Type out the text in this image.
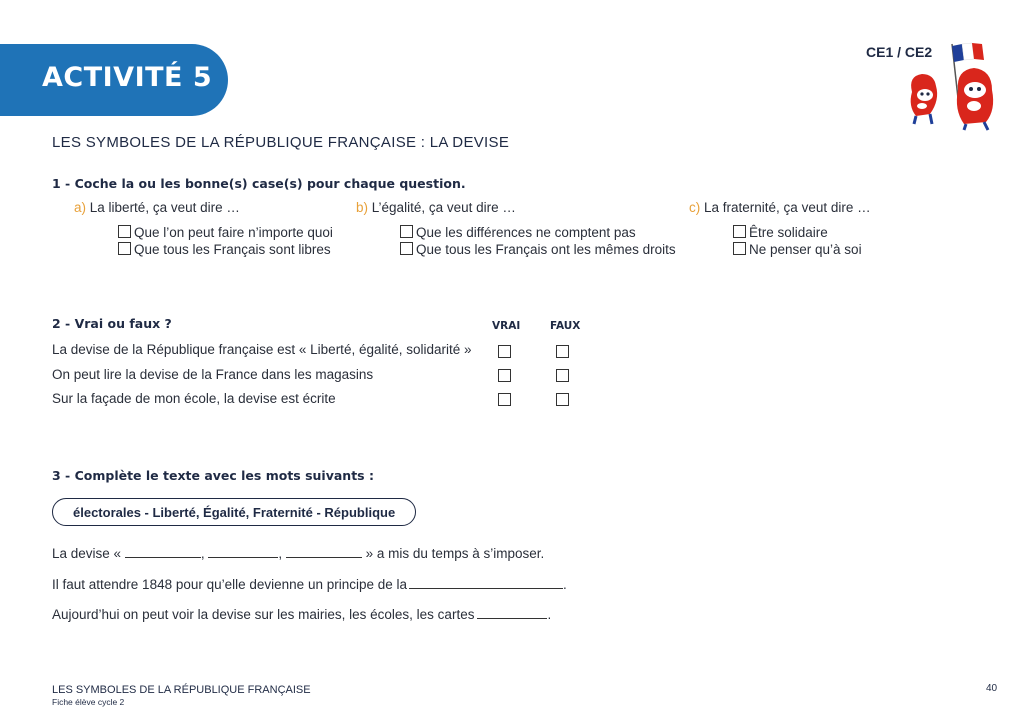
ACTIVITÉ 5
CE1 / CE2
LES SYMBOLES DE LA RÉPUBLIQUE FRANÇAISE : LA DEVISE
1 - Coche la ou les bonne(s) case(s) pour chaque question.
a) La liberté, ça veut dire …
Que l’on peut faire n’importe quoi
Que tous les Français sont libres
b) L’égalité, ça veut dire …
Que les différences ne comptent pas
Que tous les Français ont les mêmes droits
c) La fraternité, ça veut dire …
Être solidaire
Ne penser qu’à soi
2 - Vrai ou faux ?	VRAI	FAUX
La devise de la République française est « Liberté, égalité, solidarité »
On peut lire la devise de la France dans les magasins
Sur la façade de mon école, la devise est écrite
3 - Complète le texte avec les mots suivants :
électorales - Liberté, Égalité, Fraternité - République
La devise «	,	,	» a mis du temps à s’imposer.
Il faut attendre 1848 pour qu’elle devienne un principe de la	.
Aujourd’hui on peut voir la devise sur les mairies, les écoles, les cartes	.
LES SYMBOLES DE LA RÉPUBLIQUE FRANÇAISE
Fiche élève cycle 2
40
